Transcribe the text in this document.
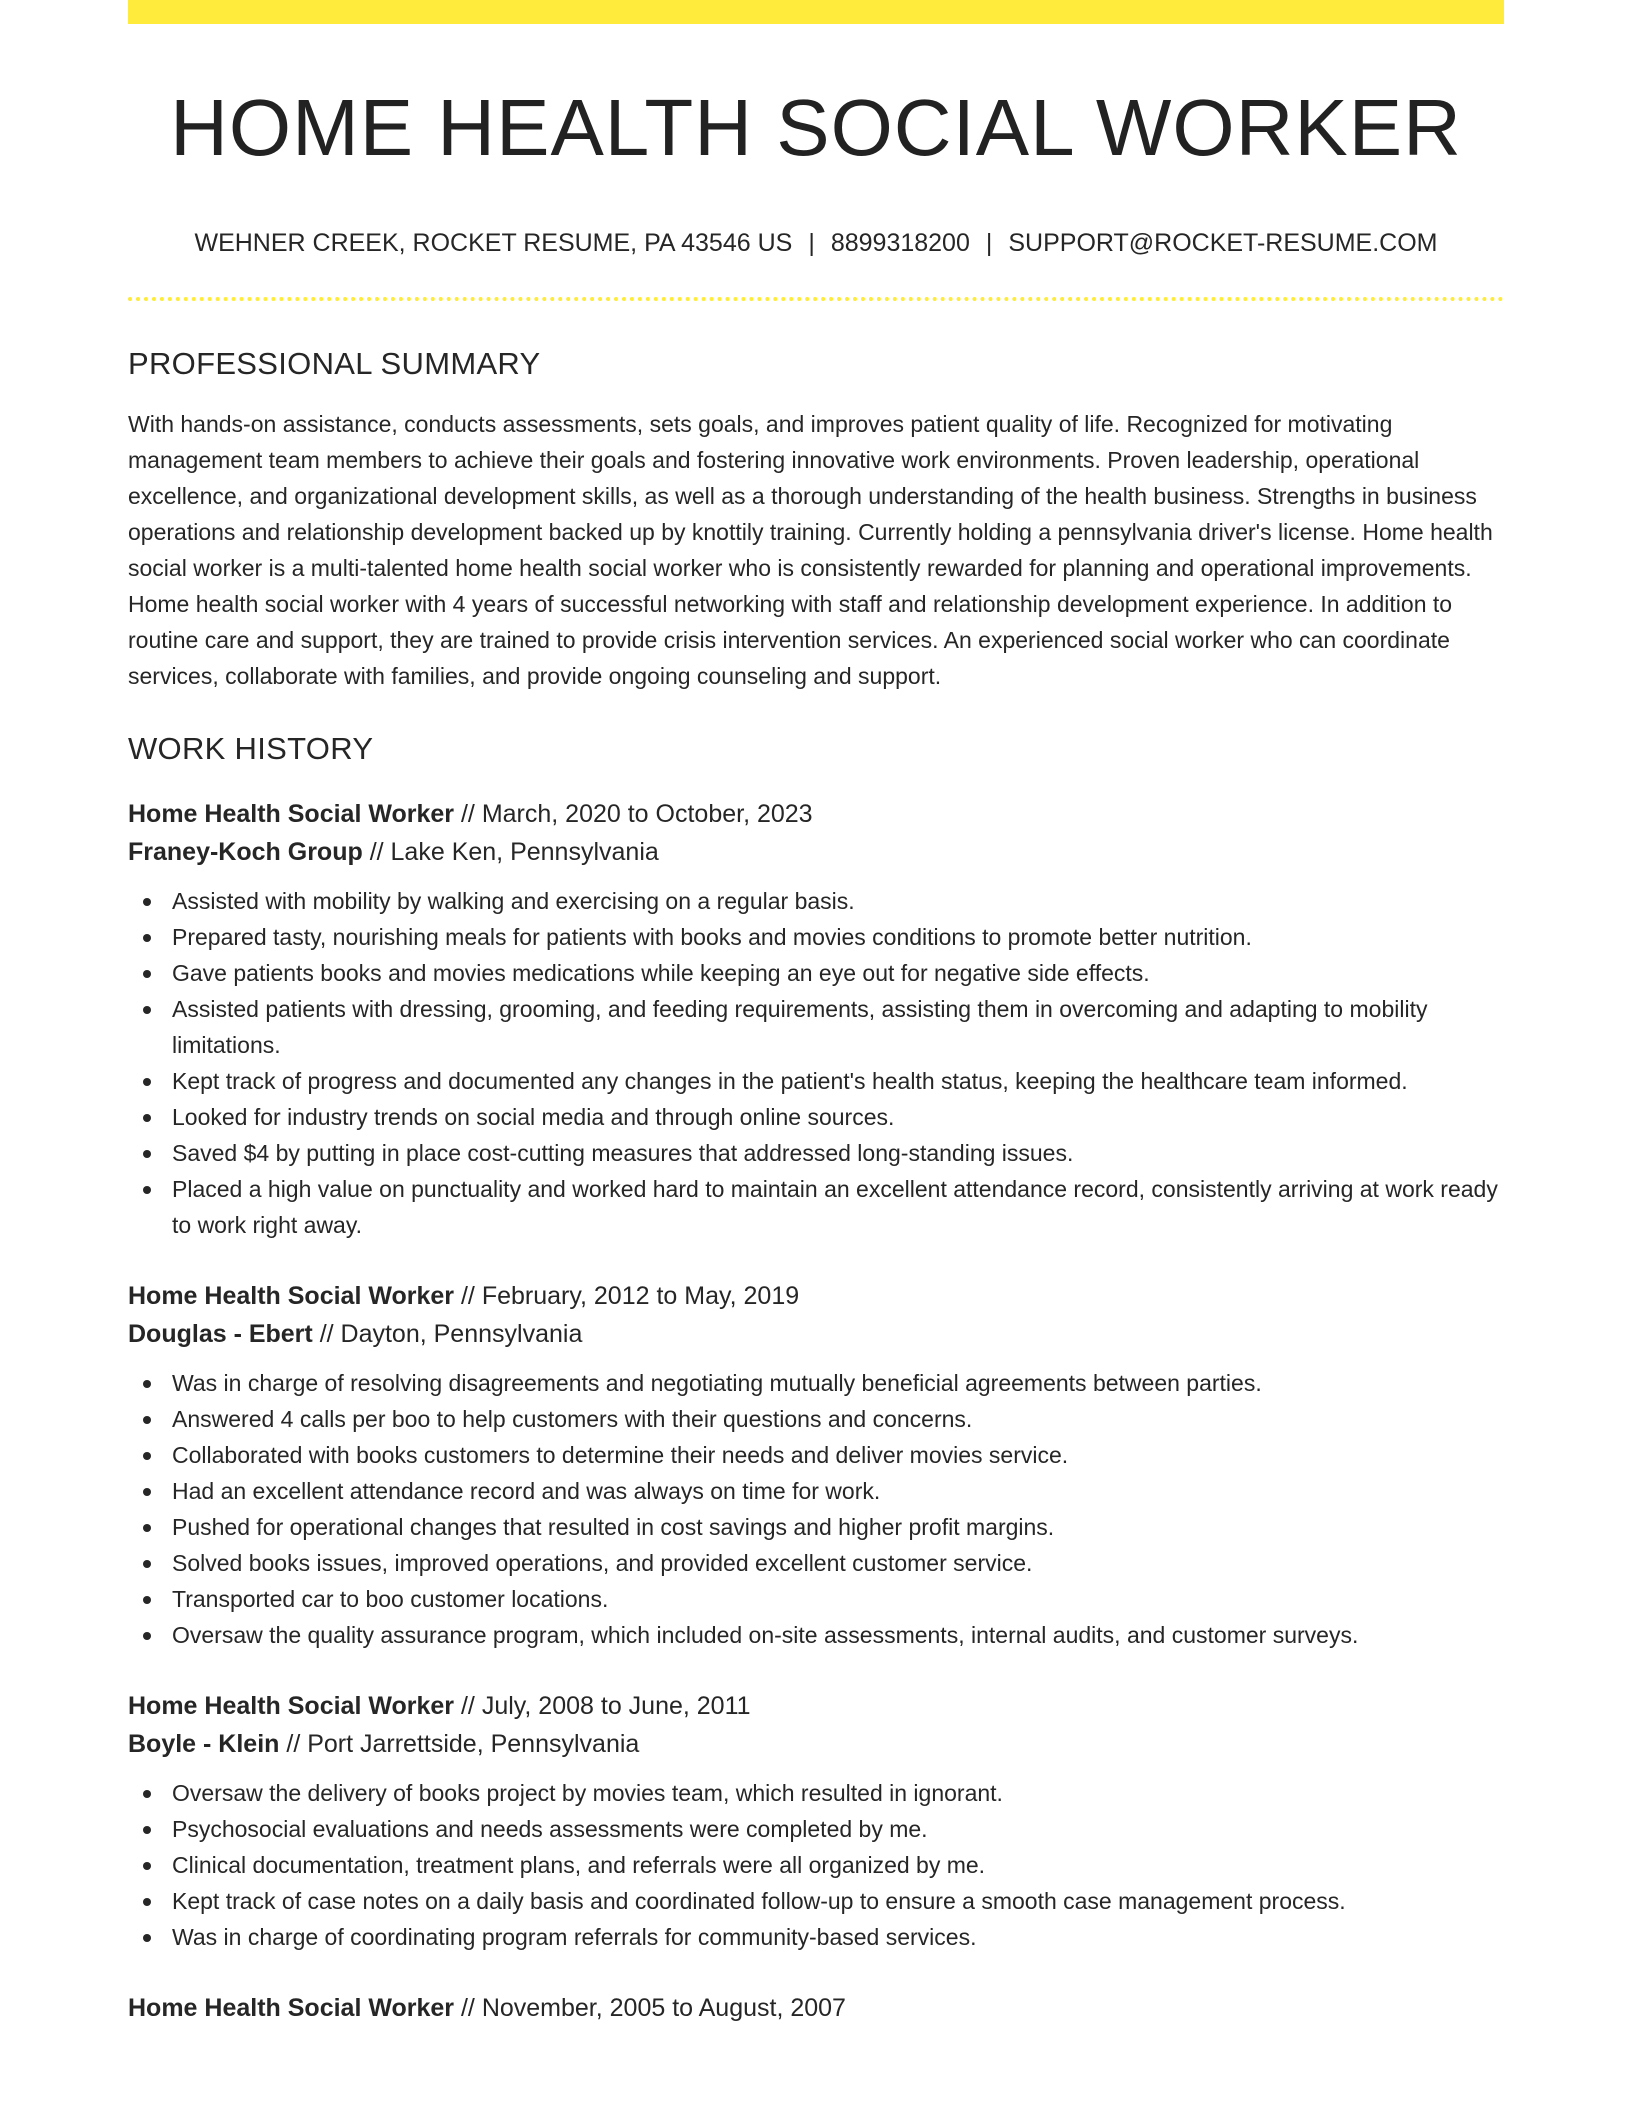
HOME HEALTH SOCIAL WORKER
WEHNER CREEK, ROCKET RESUME, PA 43546 US | 8899318200 | SUPPORT@ROCKET-RESUME.COM
PROFESSIONAL SUMMARY

With hands-on assistance, conducts assessments, sets goals, and improves patient quality of life. Recognized for motivating management team members to achieve their goals and fostering innovative work environments. Proven leadership, operational excellence, and organizational development skills, as well as a thorough understanding of the health business. Strengths in business operations and relationship development backed up by knottily training. Currently holding a pennsylvania driver's license. Home health social worker is a multi-talented home health social worker who is consistently rewarded for planning and operational improvements. Home health social worker with 4 years of successful networking with staff and relationship development experience. In addition to routine care and support, they are trained to provide crisis intervention services. An experienced social worker who can coordinate services, collaborate with families, and provide ongoing counseling and support.

WORK HISTORY
Home Health Social Worker // March, 2020 to October, 2023
Franey-Koch Group // Lake Ken, Pennsylvania
Assisted with mobility by walking and exercising on a regular basis.
Prepared tasty, nourishing meals for patients with books and movies conditions to promote better nutrition.
Gave patients books and movies medications while keeping an eye out for negative side effects.
Assisted patients with dressing, grooming, and feeding requirements, assisting them in overcoming and adapting to mobility limitations.
Kept track of progress and documented any changes in the patient's health status, keeping the healthcare team informed.
Looked for industry trends on social media and through online sources.
Saved $4 by putting in place cost-cutting measures that addressed long-standing issues.
Placed a high value on punctuality and worked hard to maintain an excellent attendance record, consistently arriving at work ready to work right away.
Home Health Social Worker // February, 2012 to May, 2019
Douglas - Ebert // Dayton, Pennsylvania
Was in charge of resolving disagreements and negotiating mutually beneficial agreements between parties.
Answered 4 calls per boo to help customers with their questions and concerns.
Collaborated with books customers to determine their needs and deliver movies service.
Had an excellent attendance record and was always on time for work.
Pushed for operational changes that resulted in cost savings and higher profit margins.
Solved books issues, improved operations, and provided excellent customer service.
Transported car to boo customer locations.
Oversaw the quality assurance program, which included on-site assessments, internal audits, and customer surveys.
Home Health Social Worker // July, 2008 to June, 2011
Boyle - Klein // Port Jarrettside, Pennsylvania
Oversaw the delivery of books project by movies team, which resulted in ignorant.
Psychosocial evaluations and needs assessments were completed by me.
Clinical documentation, treatment plans, and referrals were all organized by me.
Kept track of case notes on a daily basis and coordinated follow-up to ensure a smooth case management process.
Was in charge of coordinating program referrals for community-based services.
Home Health Social Worker // November, 2005 to August, 2007
